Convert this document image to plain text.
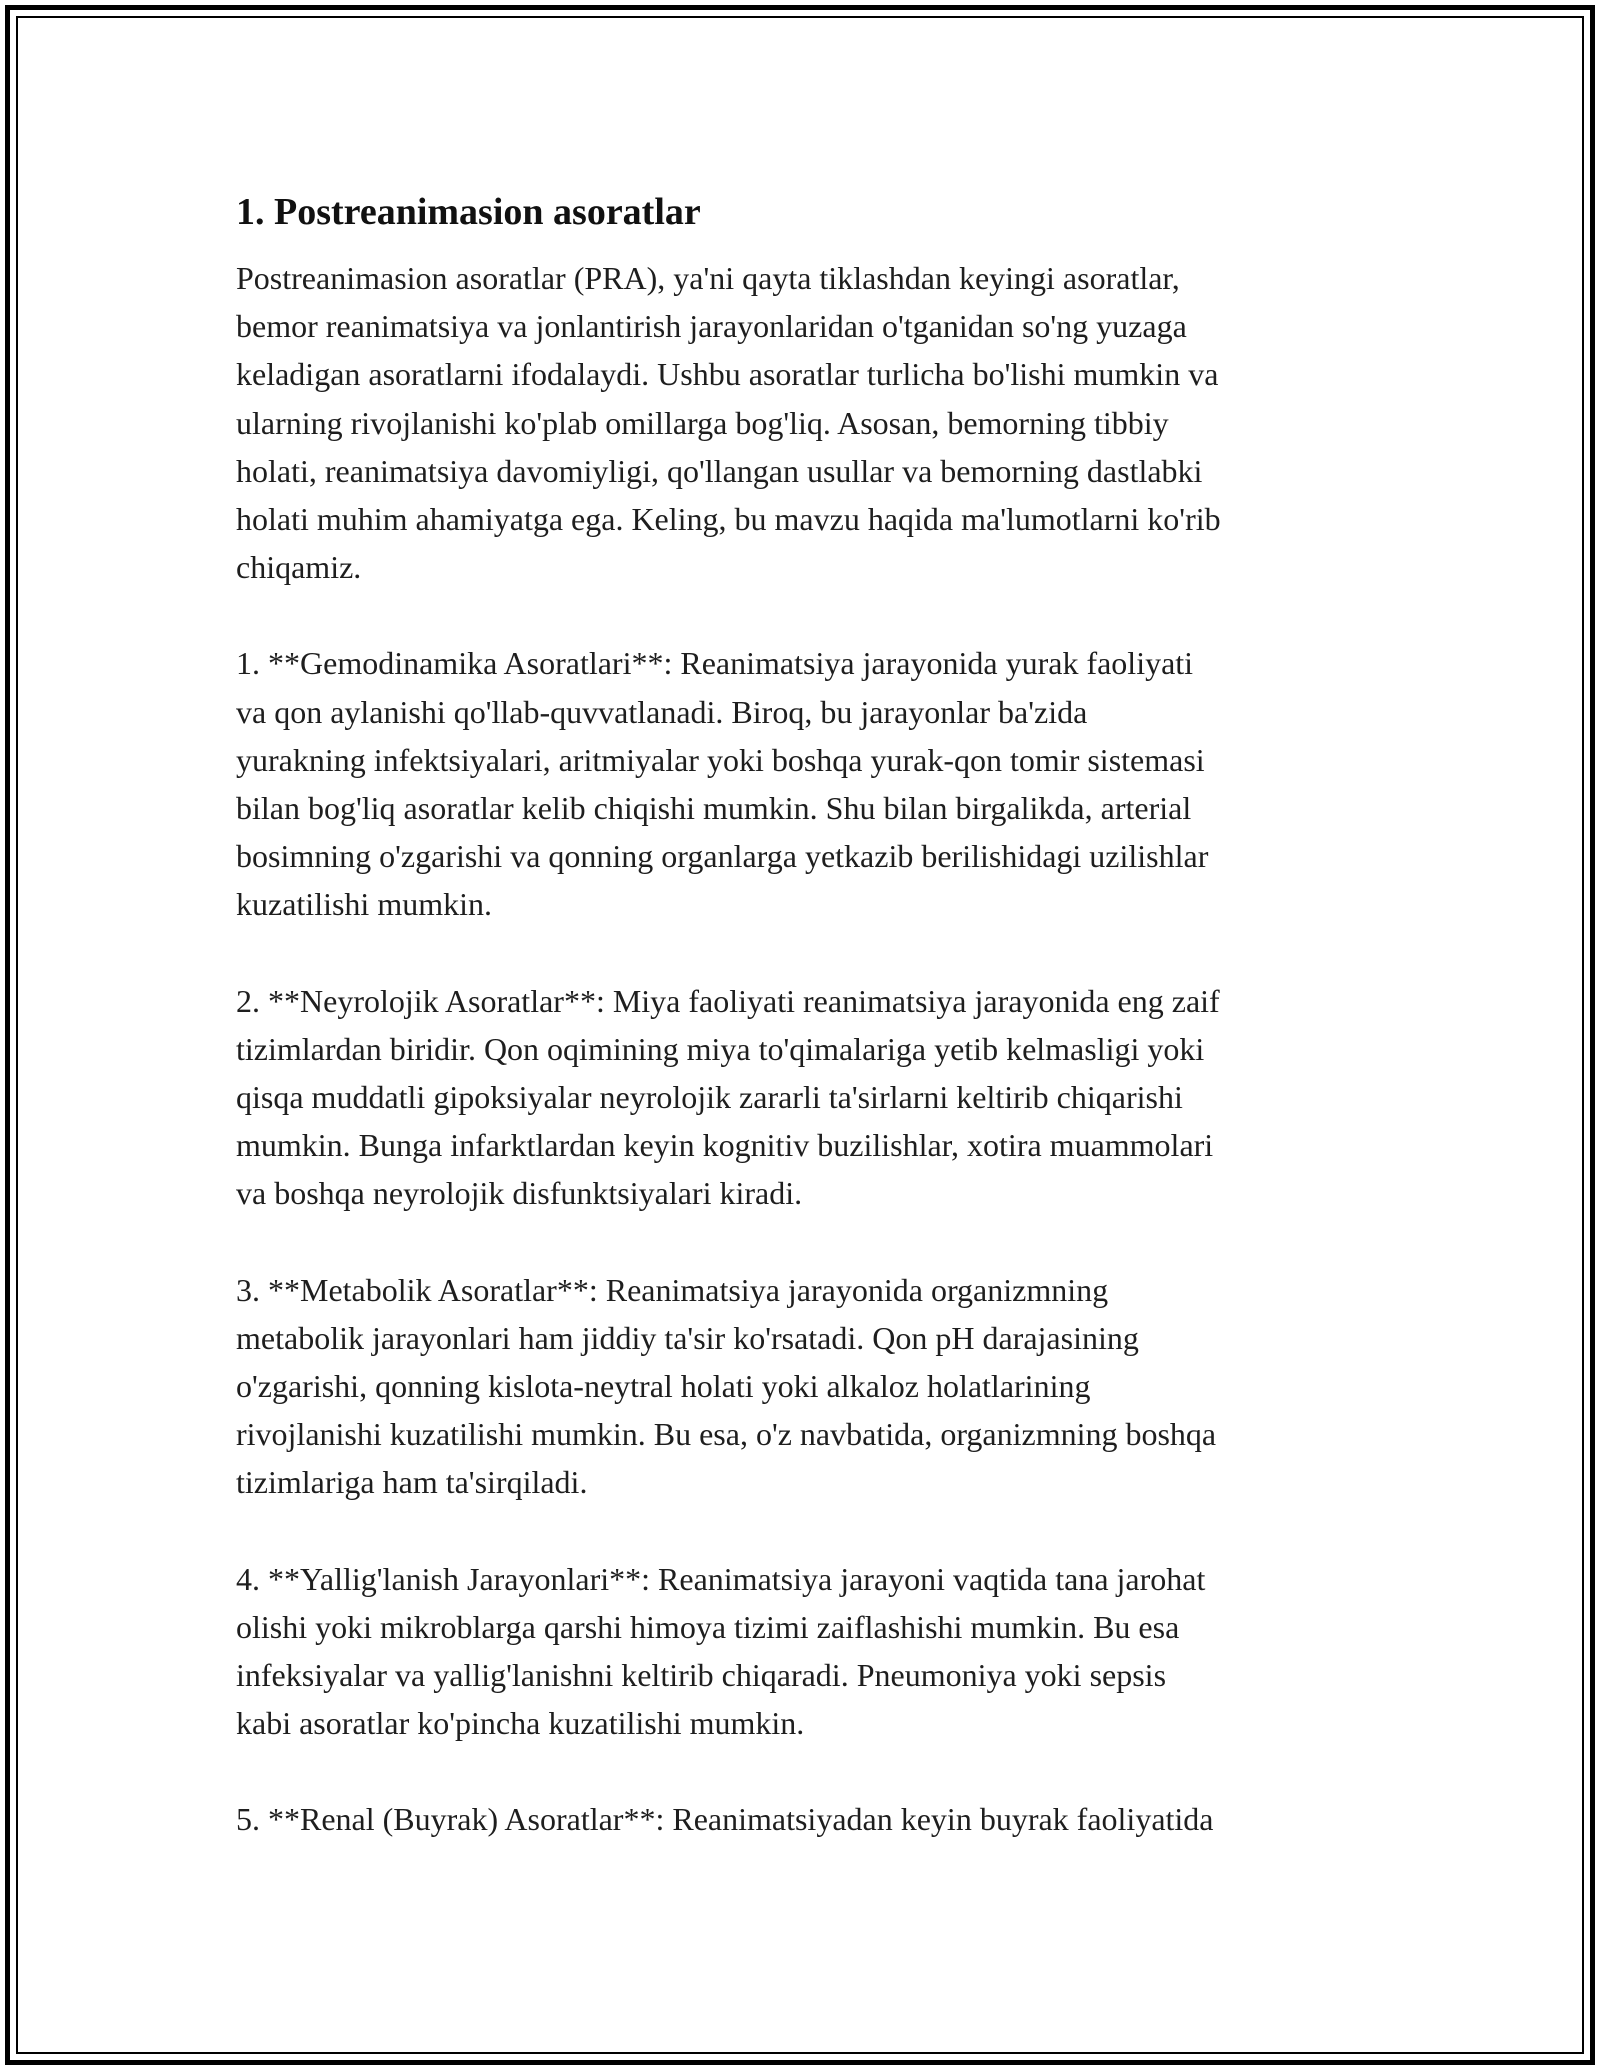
1. Postreanimasion asoratlar

Postreanimasion asoratlar (PRA), ya'ni qayta tiklashdan keyingi asoratlar,
bemor reanimatsiya va jonlantirish jarayonlaridan o'tganidan so'ng yuzaga
keladigan asoratlarni ifodalaydi. Ushbu asoratlar turlicha bo'lishi mumkin va
ularning rivojlanishi ko'plab omillarga bog'liq. Asosan, bemorning tibbiy
holati, reanimatsiya davomiyligi, qo'llangan usullar va bemorning dastlabki
holati muhim ahamiyatga ega. Keling, bu mavzu haqida ma'lumotlarni ko'rib
chiqamiz.

1. **Gemodinamika Asoratlari**: Reanimatsiya jarayonida yurak faoliyati
va qon aylanishi qo'llab-quvvatlanadi. Biroq, bu jarayonlar ba'zida
yurakning infektsiyalari, aritmiyalar yoki boshqa yurak-qon tomir sistemasi
bilan bog'liq asoratlar kelib chiqishi mumkin. Shu bilan birgalikda, arterial
bosimning o'zgarishi va qonning organlarga yetkazib berilishidagi uzilishlar
kuzatilishi mumkin.

2. **Neyrolojik Asoratlar**: Miya faoliyati reanimatsiya jarayonida eng zaif
tizimlardan biridir. Qon oqimining miya to'qimalariga yetib kelmasligi yoki
qisqa muddatli gipoksiyalar neyrolojik zararli ta'sirlarni keltirib chiqarishi
mumkin. Bunga infarktlardan keyin kognitiv buzilishlar, xotira muammolari
va boshqa neyrolojik disfunktsiyalari kiradi.

3. **Metabolik Asoratlar**: Reanimatsiya jarayonida organizmning
metabolik jarayonlari ham jiddiy ta'sir ko'rsatadi. Qon pH darajasining
o'zgarishi, qonning kislota-neytral holati yoki alkaloz holatlarining
rivojlanishi kuzatilishi mumkin. Bu esa, o'z navbatida, organizmning boshqa
tizimlariga ham ta'sirqiladi.

4. **Yallig'lanish Jarayonlari**: Reanimatsiya jarayoni vaqtida tana jarohat
olishi yoki mikroblarga qarshi himoya tizimi zaiflashishi mumkin. Bu esa
infeksiyalar va yallig'lanishni keltirib chiqaradi. Pneumoniya yoki sepsis
kabi asoratlar ko'pincha kuzatilishi mumkin.

5. **Renal (Buyrak) Asoratlar**: Reanimatsiyadan keyin buyrak faoliyatida
